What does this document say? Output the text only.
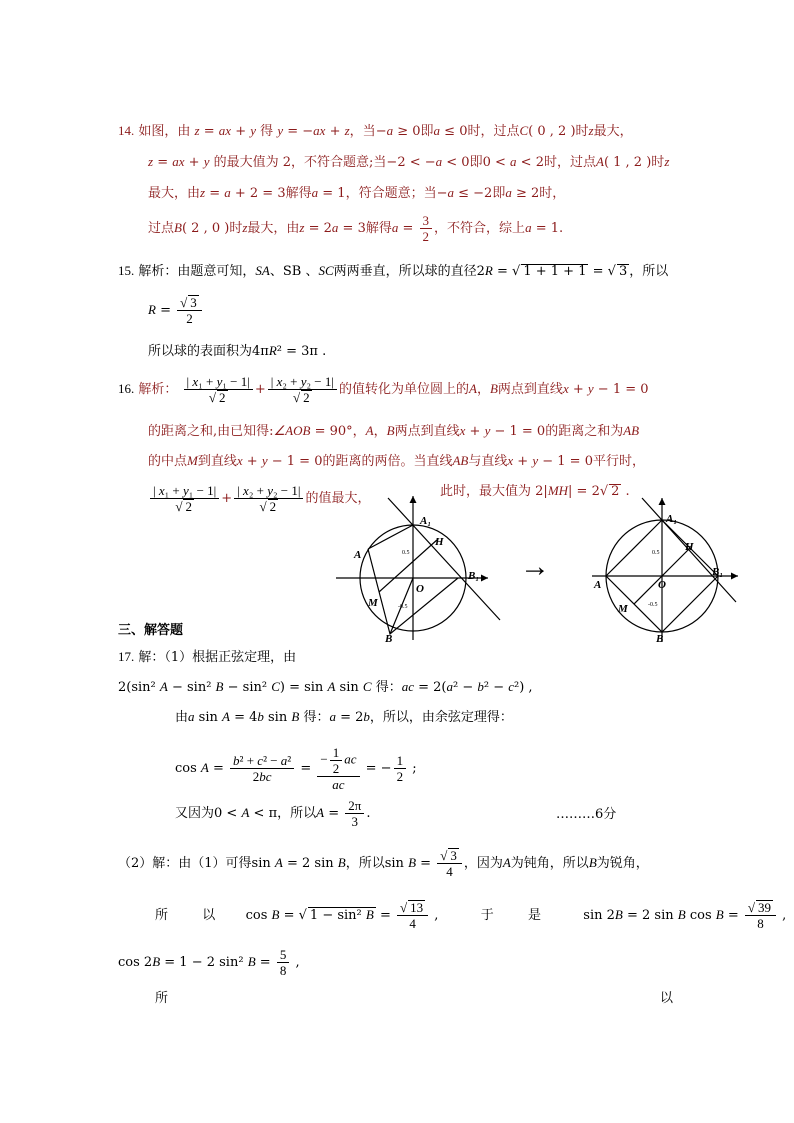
14. 如图，由 z = ax + y 得 y = −ax + z，当−a ≥ 0即a ≤ 0时，过点C( 0 , 2 )时z最大，
z = ax + y 的最大值为 2，不符合题意;当−2 < −a < 0即0 < a < 2时，过点A( 1 , 2 )时z
最大，由z = a + 2 = 3解得a = 1，符合题意；当−a ≤ −2即a ≥ 2时，
过点B( 2 , 0 )时z最大，由z = 2a = 3解得$a = \frac{3}{2}$ ，不符合，综上a = 1.
15. 解析：由题意可知，SA、SB 、SC两两垂直，所以球的直径2R = √ 1 + 1 + 1 = √ 3 ，所以
R = √ $\frac{3}{2}$
所以球的表面积为4πR² = 3π .
16. 解析： | x₁ + y₁ − 1|
√ 2 + | x₂ + y₂ − 1|
√ 2 的值转化为单位圆上的A，B两点到直线x + y − 1 = 0
的距离之和,由已知得:∠AOB = 90°，A，B两点到直线x + y − 1 = 0的距离之和为AB
的中点M到直线x + y − 1 = 0的距离的两倍。当直线AB与直线x + y − 1 = 0平行时，
| x₁ + y₁ − 1|
√ 2 + | x₂ + y₂ − 1|
√ 2 的值最大，	此时，最大值为 2|MH| = 2 √ 2 .
A₁
H
A
O
B₁
M
B
0.5
-0.5
→
A₁
H
A	O
B₁
M
B
0.5
-0.5
三、解答题
17. 解：（1）根据正弦定理，由
2(sin² A − sin² B − sin² C) = sin A sin C 得：ac = 2(a² − b² − c²) ,
由a sin A = 4b sin B 得：a = 2b，所以，由余弦定理得：
$\cos A = \frac{\text{b² + c² − a²}}{2bc} = \frac{- \frac{1}{2} ac}{ac}$ = − $\frac{1}{2}$ ;
又因为0 < A < π，所以$A = \frac{2\pi}{3}$ .	………6分
（2）解：由（1）可得sin A = 2 sin B，所以sin B = √ $\frac{3}{4}$ ，因为A为钝角，所以B为锐角，
所	以  cos B = √ 1 − sin² B = √ $\frac{13}{4}$ ,	于	是	sin 2B = 2 sin B cos B = √ $\frac{39}{8}$ ,
cos 2B = 1 − 2 sin² $B = \frac{5}{8}$ ,
所	以
